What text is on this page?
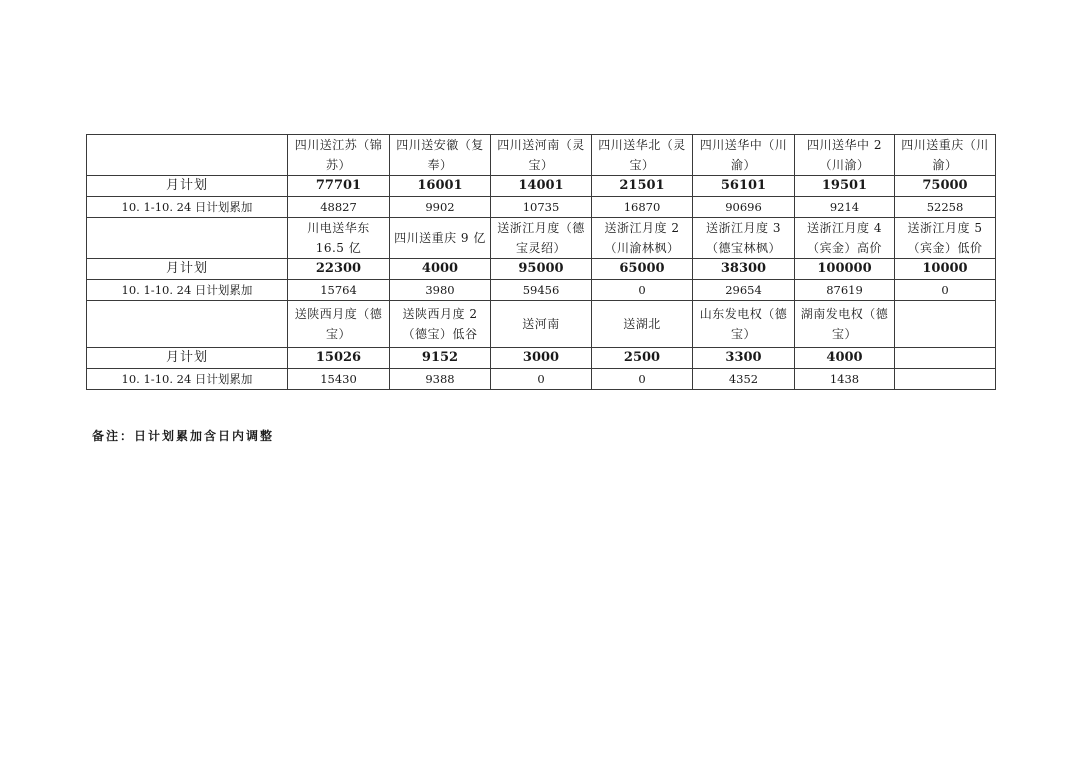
	四川送江苏（锦苏）	四川送安徽（复奉）	四川送河南（灵宝）	四川送华北（灵宝）	四川送华中（川渝）	四川送华中 2（川渝）	四川送重庆（川渝）
月计划	77701	16001	14001	21501	56101	19501	75000
10. 1-10. 24 日计划累加	48827	9902	10735	16870	90696	9214	52258
	川电送华东 16.5 亿	四川送重庆 9 亿	送浙江月度（德宝灵绍）	送浙江月度 2（川渝林枫）	送浙江月度 3（德宝林枫）	送浙江月度 4（宾金）高价	送浙江月度 5（宾金）低价
月计划	22300	4000	95000	65000	38300	100000	10000
10. 1-10. 24 日计划累加	15764	3980	59456	0	29654	87619	0
	送陕西月度（德宝）	送陕西月度 2（德宝）低谷	送河南	送湖北	山东发电权（德宝）	湖南发电权（德宝）	
月计划	15026	9152	3000	2500	3300	4000	
10. 1-10. 24 日计划累加	15430	9388	0	0	4352	1438	
备注：日计划累加含日内调整
